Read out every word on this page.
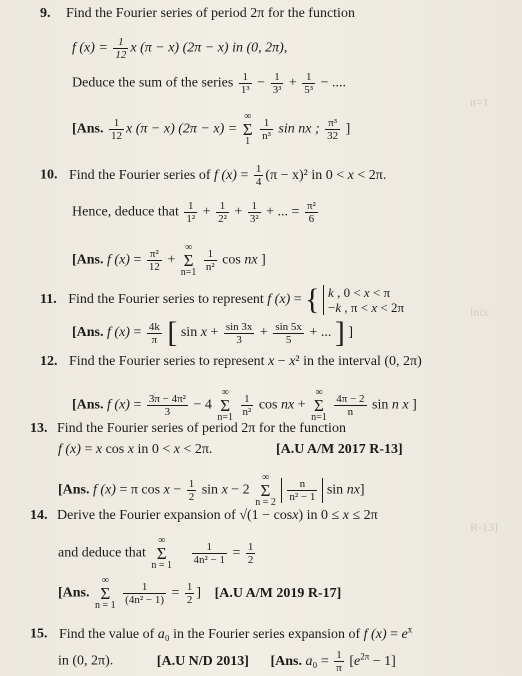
n=1
lnix
R-13]
9. Find the Fourier series of period 2π for the function
f $(x) = \frac{1}{12}$ x (π − x) (2π − x) in (0, 2π),
Deduce the sum of the series $\frac{1}{\text{1³}} - \frac{1}{\text{3³}} + \frac{1}{\text{5³}}$ − ....
[Ans. $\frac{1}{12}$ x (π − x) (2π − x) = ∞
Σ
$1 \frac{1}{\text{n³}}$ sin nx ; $\frac{\text{π³}}{32}$ ]
10. Find the Fourier series of f $(x) = \frac{1}{4} (\pi - x)^2$ in 0 < x < 2π.
Hence, deduce that $\frac{1}{\text{1²}} + \frac{1}{\text{2²}} + \frac{1}{\text{3²}}$ + ... = $\frac{\text{π²}}{6}$
[Ans. f $(x) = \frac{\text{π²}}{12}$ + ∞
Σ
$n=1 \frac{1}{\text{n²}}$ cos nx ]
11. Find the Fourier series to represent f (x) = { k , 0 < x < π
−k , π < x < 2π
[Ans. f $(x) = \frac{4k}{\pi}$ [ $\sin x + \frac{\sin 3x}{3} + \frac{\sin 5x}{5}$ + ... ] ]
12. Find the Fourier series to represent x − x² in the interval (0, 2π)
[Ans. f $(x) = \frac{\text{3π − 4π²}}{3} - 4$ ∞
Σ
$n=1 \frac{1}{\text{n²}}$ cos nx + ∞
Σ
$n=1 \frac{4\pi - 2}{n}$ sin n x ]
13. Find the Fourier series of period 2π for the function
f (x) = x cos x in 0 < x < 2π.	[A.U A/M 2017 R-13]
[Ans. f (x) = π $\cos x - \frac{1}{2}$ sin x − 2 ∞
Σ
$n = 2 \frac{n}{\text{n² − 1}}$ sin nx]
14. Derive the Fourier expansion of √(1 − cosx) in 0 ≤ x ≤ 2π
and deduce that ∞
Σ
$n = 1 \frac{1}{\text{4n² − 1}} = \frac{1}{2}$
[Ans. ∞
Σ
$n = 1 \frac{1}{\text{(4n² − 1)}} = \frac{1}{2}$ ] [A.U A/M 2019 R-17]
15. Find the value of a₀ in the Fourier series expansion of f $(x) = e^x$
in (0, 2π).	[A.U N/D 2013] [Ans. $a_0 = \frac{1}{\pi} [e^{2\pi} - 1]$
